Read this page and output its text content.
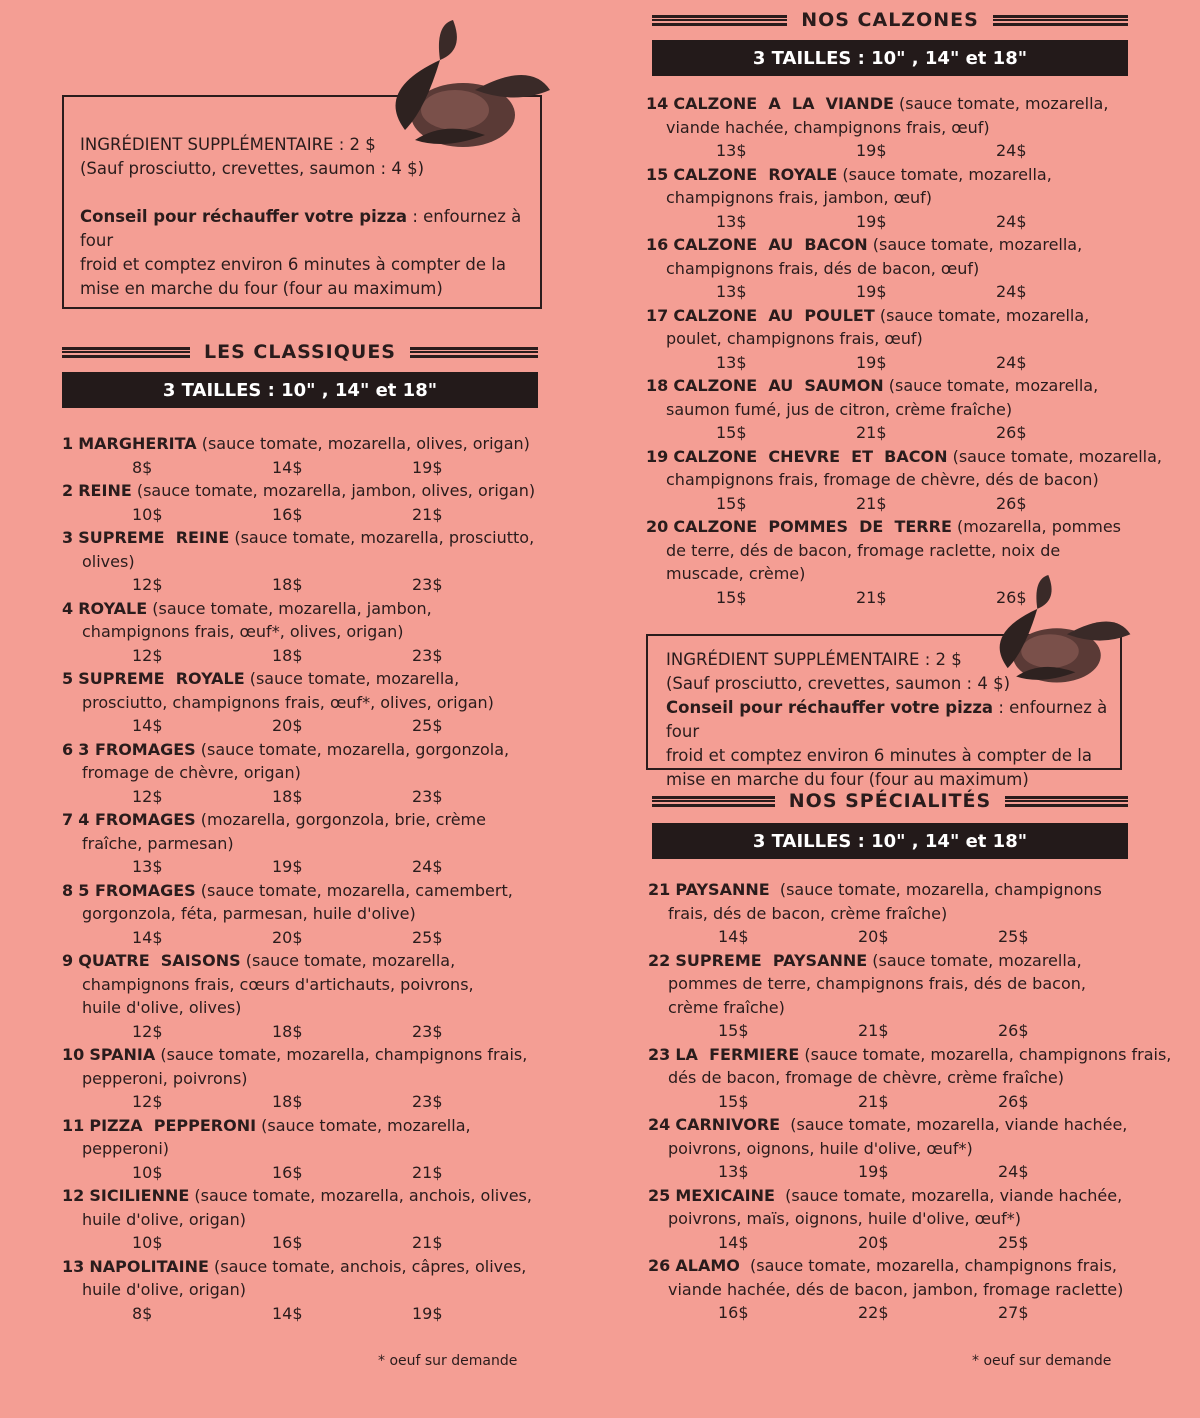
INGRÉDIENT SUPPLÉMENTAIRE : 2 $

(Sauf prosciutto, crevettes, saumon : 4 $)

Conseil pour réchauffer votre pizza : enfournez à four

froid et comptez environ 6 minutes à compter de la

mise en marche du four (four au maximum)

LES CLASSIQUES
3 TAILLES : 10" , 14" et 18"
1 MARGHERITA (sauce tomate, mozarella, olives, origan)
8$	14$	19$
2 REINE (sauce tomate, mozarella, jambon, olives, origan)
10$	16$	21$
3 SUPREME  REINE (sauce tomate, mozarella, prosciutto,
olives)
12$	18$	23$
4 ROYALE (sauce tomate, mozarella, jambon,
champignons frais, œuf*, olives, origan)
12$	18$	23$
5 SUPREME  ROYALE (sauce tomate, mozarella,
prosciutto, champignons frais, œuf*, olives, origan)
14$	20$	25$
6 3 FROMAGES (sauce tomate, mozarella, gorgonzola,
fromage de chèvre, origan)
12$	18$	23$
7 4 FROMAGES (mozarella, gorgonzola, brie, crème
fraîche, parmesan)
13$	19$	24$
8 5 FROMAGES (sauce tomate, mozarella, camembert,
gorgonzola, féta, parmesan, huile d'olive)
14$	20$	25$
9 QUATRE  SAISONS (sauce tomate, mozarella,
champignons frais, cœurs d'artichauts, poivrons,
huile d'olive, olives)
12$	18$	23$
10 SPANIA (sauce tomate, mozarella, champignons frais,
pepperoni, poivrons)
12$	18$	23$
11 PIZZA  PEPPERONI (sauce tomate, mozarella,
pepperoni)
10$	16$	21$
12 SICILIENNE (sauce tomate, mozarella, anchois, olives,
huile d'olive, origan)
10$	16$	21$
13 NAPOLITAINE (sauce tomate, anchois, câpres, olives,
huile d'olive, origan)
8$	14$	19$
* oeuf sur demande
NOS CALZONES
3 TAILLES : 10" , 14" et 18"
14 CALZONE  A  LA  VIANDE (sauce tomate, mozarella,
viande hachée, champignons frais, œuf)
13$	19$	24$
15 CALZONE  ROYALE (sauce tomate, mozarella,
champignons frais, jambon, œuf)
13$	19$	24$
16 CALZONE  AU  BACON (sauce tomate, mozarella,
champignons frais, dés de bacon, œuf)
13$	19$	24$
17 CALZONE  AU  POULET (sauce tomate, mozarella,
poulet, champignons frais, œuf)
13$	19$	24$
18 CALZONE  AU  SAUMON (sauce tomate, mozarella,
saumon fumé, jus de citron, crème fraîche)
15$	21$	26$
19 CALZONE  CHEVRE  ET  BACON (sauce tomate, mozarella,
champignons frais, fromage de chèvre, dés de bacon)
15$	21$	26$
20 CALZONE  POMMES  DE  TERRE (mozarella, pommes
de terre, dés de bacon, fromage raclette, noix de
muscade, crème)
15$	21$	26$

INGRÉDIENT SUPPLÉMENTAIRE : 2 $

(Sauf prosciutto, crevettes, saumon : 4 $)

Conseil pour réchauffer votre pizza : enfournez à four

froid et comptez environ 6 minutes à compter de la

mise en marche du four (four au maximum)

NOS SPÉCIALITÉS
3 TAILLES : 10" , 14" et 18"
21 PAYSANNE  (sauce tomate, mozarella, champignons
frais, dés de bacon, crème fraîche)
14$	20$	25$
22 SUPREME  PAYSANNE (sauce tomate, mozarella,
pommes de terre, champignons frais, dés de bacon,
crème fraîche)
15$	21$	26$
23 LA  FERMIERE (sauce tomate, mozarella, champignons frais,
dés de bacon, fromage de chèvre, crème fraîche)
15$	21$	26$
24 CARNIVORE  (sauce tomate, mozarella, viande hachée,
poivrons, oignons, huile d'olive, œuf*)
13$	19$	24$
25 MEXICAINE  (sauce tomate, mozarella, viande hachée,
poivrons, maïs, oignons, huile d'olive, œuf*)
14$	20$	25$
26 ALAMO  (sauce tomate, mozarella, champignons frais,
viande hachée, dés de bacon, jambon, fromage raclette)
16$	22$	27$
* oeuf sur demande
